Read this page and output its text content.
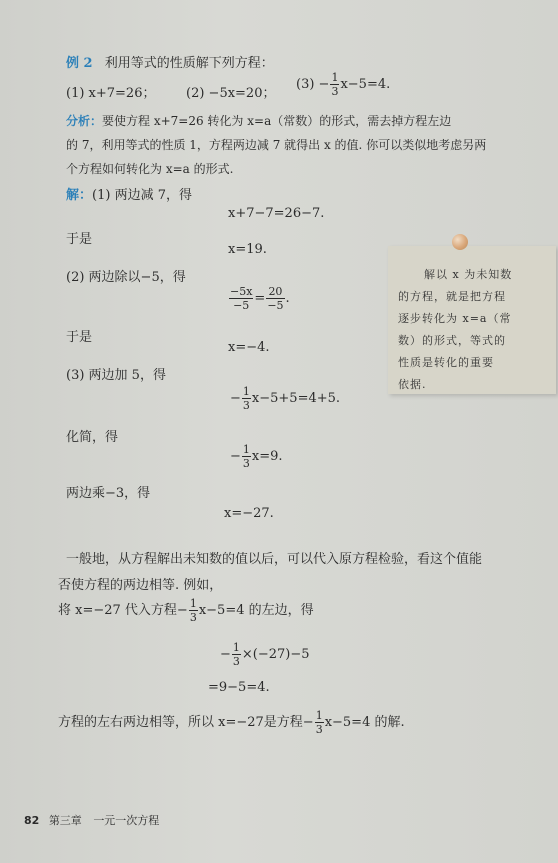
例 2 利用等式的性质解下列方程：
(1) x+7=26； (2) −5x=20；
$(3) - \frac{1}{3} x-5=4$.
分析：要使方程 x+7=26 转化为 x=a（常数）的形式，需去掉方程左边
的 7，利用等式的性质 1，方程两边减 7 就得出 x 的值. 你可以类似地考虑另两
个方程如何转化为 x=a 的形式.
解：(1) 两边减 7，得
x+7−7=26−7.
于是
x=19.
(2) 两边除以−5，得
$\frac{-5x}{-5} = \frac{20}{-5}$ .
于是
x=−4.
(3) 两边加 5，得
− $\frac{1}{3} x-5+5=4+5$.
化简，得
− $\frac{1}{3} x=9$.
两边乘−3，得
x=−27.
解以 x 为未知数
的方程，就是把方程
逐步转化为 x=a（常
数）的形式，等式的
性质是转化的重要
依据.
一般地，从方程解出未知数的值以后，可以代入原方程检验，看这个值能
否使方程的两边相等. 例如，
将 x=−27 代入方程− $\frac{1}{3} x-5=4$ 的左边，得
− $\frac{1}{3} \times(-27)-5$
=9−5=4.
方程的左右两边相等，所以 x=−27是方程− $\frac{1}{3} x-5=4$ 的解.
82 第三章 一元一次方程
